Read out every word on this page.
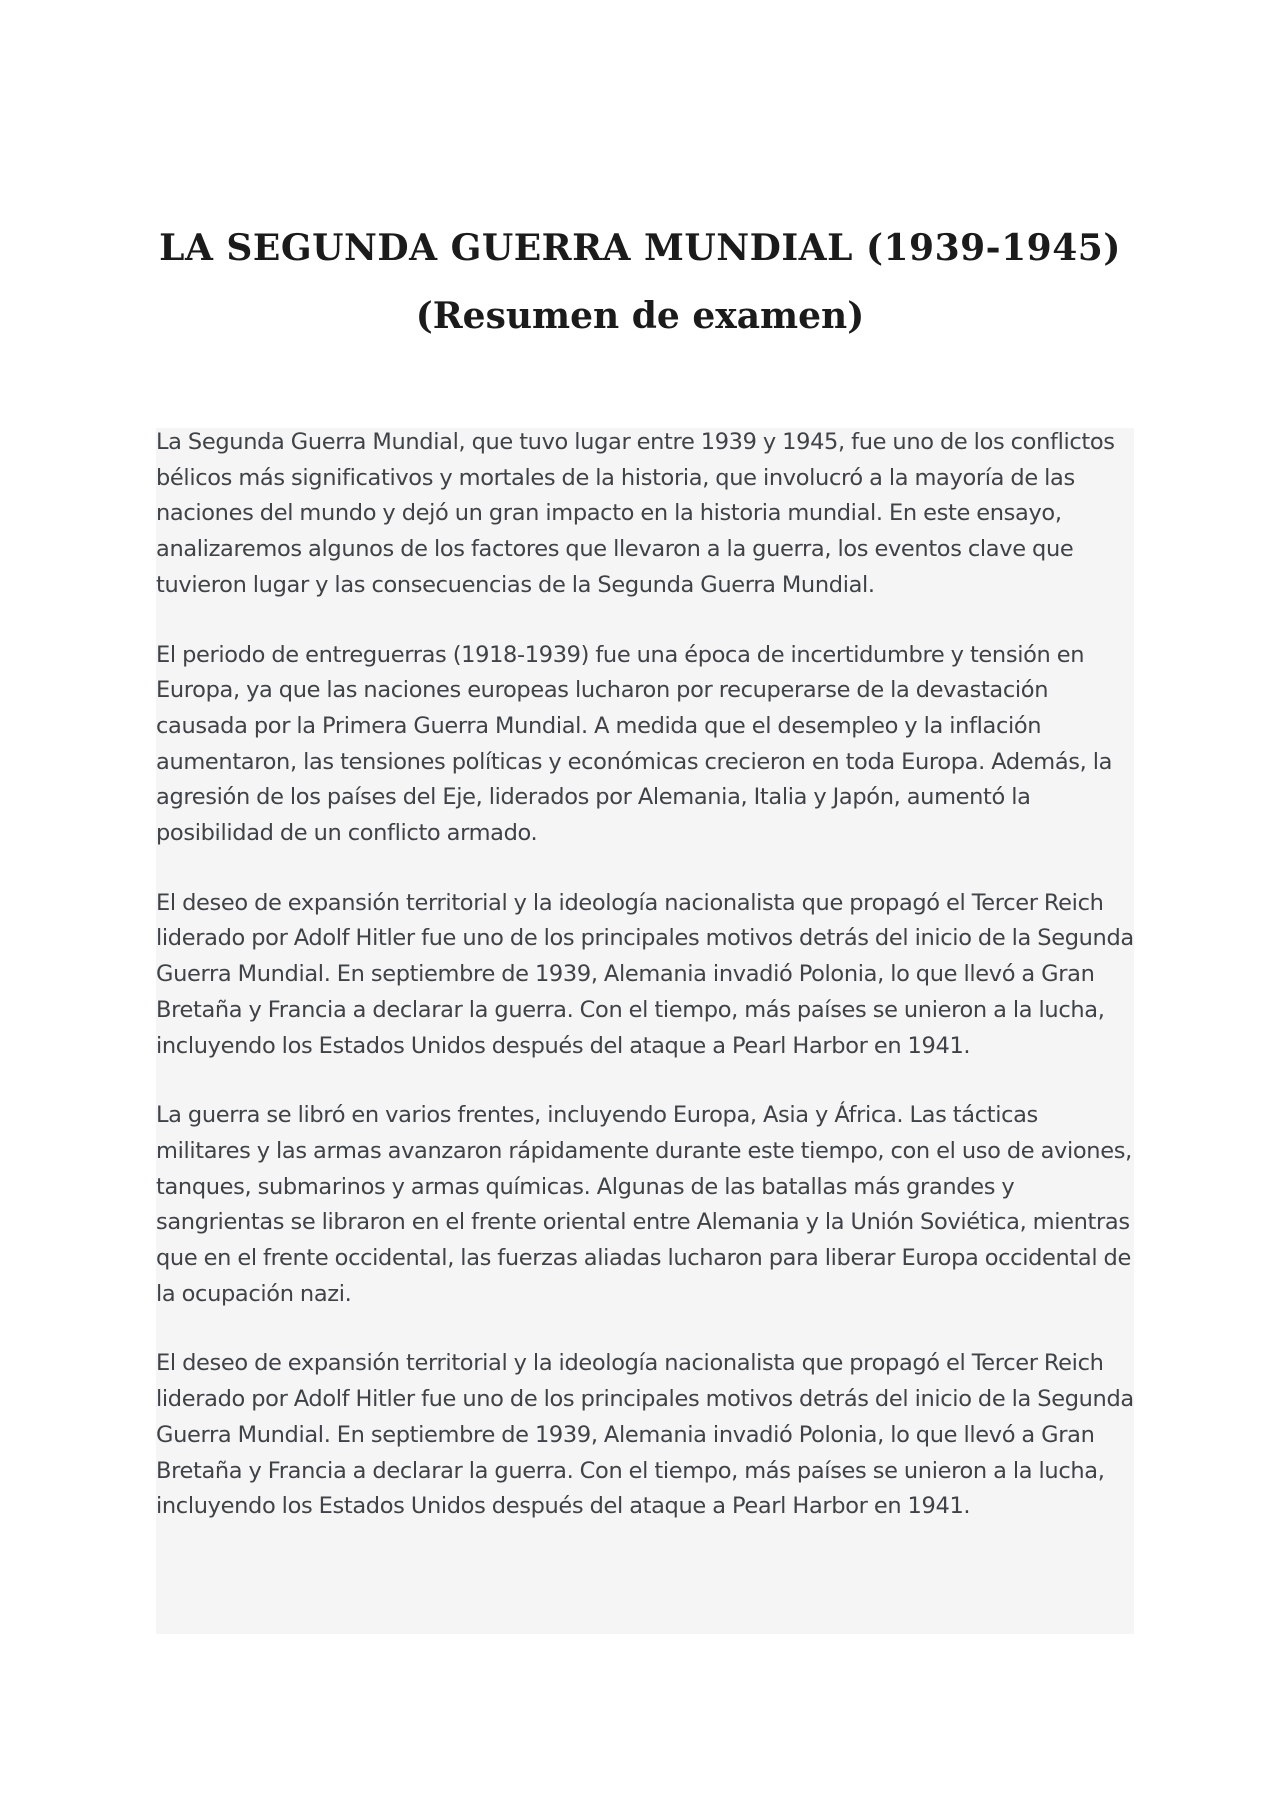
LA SEGUNDA GUERRA MUNDIAL (1939-1945)
(Resumen de examen)

La Segunda Guerra Mundial, que tuvo lugar entre 1939 y 1945, fue uno de los conflictos bélicos más significativos y mortales de la historia, que involucró a la mayoría de las naciones del mundo y dejó un gran impacto en la historia mundial. En este ensayo, analizaremos algunos de los factores que llevaron a la guerra, los eventos clave que tuvieron lugar y las consecuencias de la Segunda Guerra Mundial.

El periodo de entreguerras (1918-1939) fue una época de incertidumbre y tensión en Europa, ya que las naciones europeas lucharon por recuperarse de la devastación causada por la Primera Guerra Mundial. A medida que el desempleo y la inflación aumentaron, las tensiones políticas y económicas crecieron en toda Europa. Además, la agresión de los países del Eje, liderados por Alemania, Italia y Japón, aumentó la posibilidad de un conflicto armado.

El deseo de expansión territorial y la ideología nacionalista que propagó el Tercer Reich liderado por Adolf Hitler fue uno de los principales motivos detrás del inicio de la Segunda Guerra Mundial. En septiembre de 1939, Alemania invadió Polonia, lo que llevó a Gran Bretaña y Francia a declarar la guerra. Con el tiempo, más países se unieron a la lucha, incluyendo los Estados Unidos después del ataque a Pearl Harbor en 1941.

La guerra se libró en varios frentes, incluyendo Europa, Asia y África. Las tácticas militares y las armas avanzaron rápidamente durante este tiempo, con el uso de aviones, tanques, submarinos y armas químicas. Algunas de las batallas más grandes y sangrientas se libraron en el frente oriental entre Alemania y la Unión Soviética, mientras que en el frente occidental, las fuerzas aliadas lucharon para liberar Europa occidental de la ocupación nazi.

El deseo de expansión territorial y la ideología nacionalista que propagó el Tercer Reich liderado por Adolf Hitler fue uno de los principales motivos detrás del inicio de la Segunda Guerra Mundial. En septiembre de 1939, Alemania invadió Polonia, lo que llevó a Gran Bretaña y Francia a declarar la guerra. Con el tiempo, más países se unieron a la lucha, incluyendo los Estados Unidos después del ataque a Pearl Harbor en 1941.
